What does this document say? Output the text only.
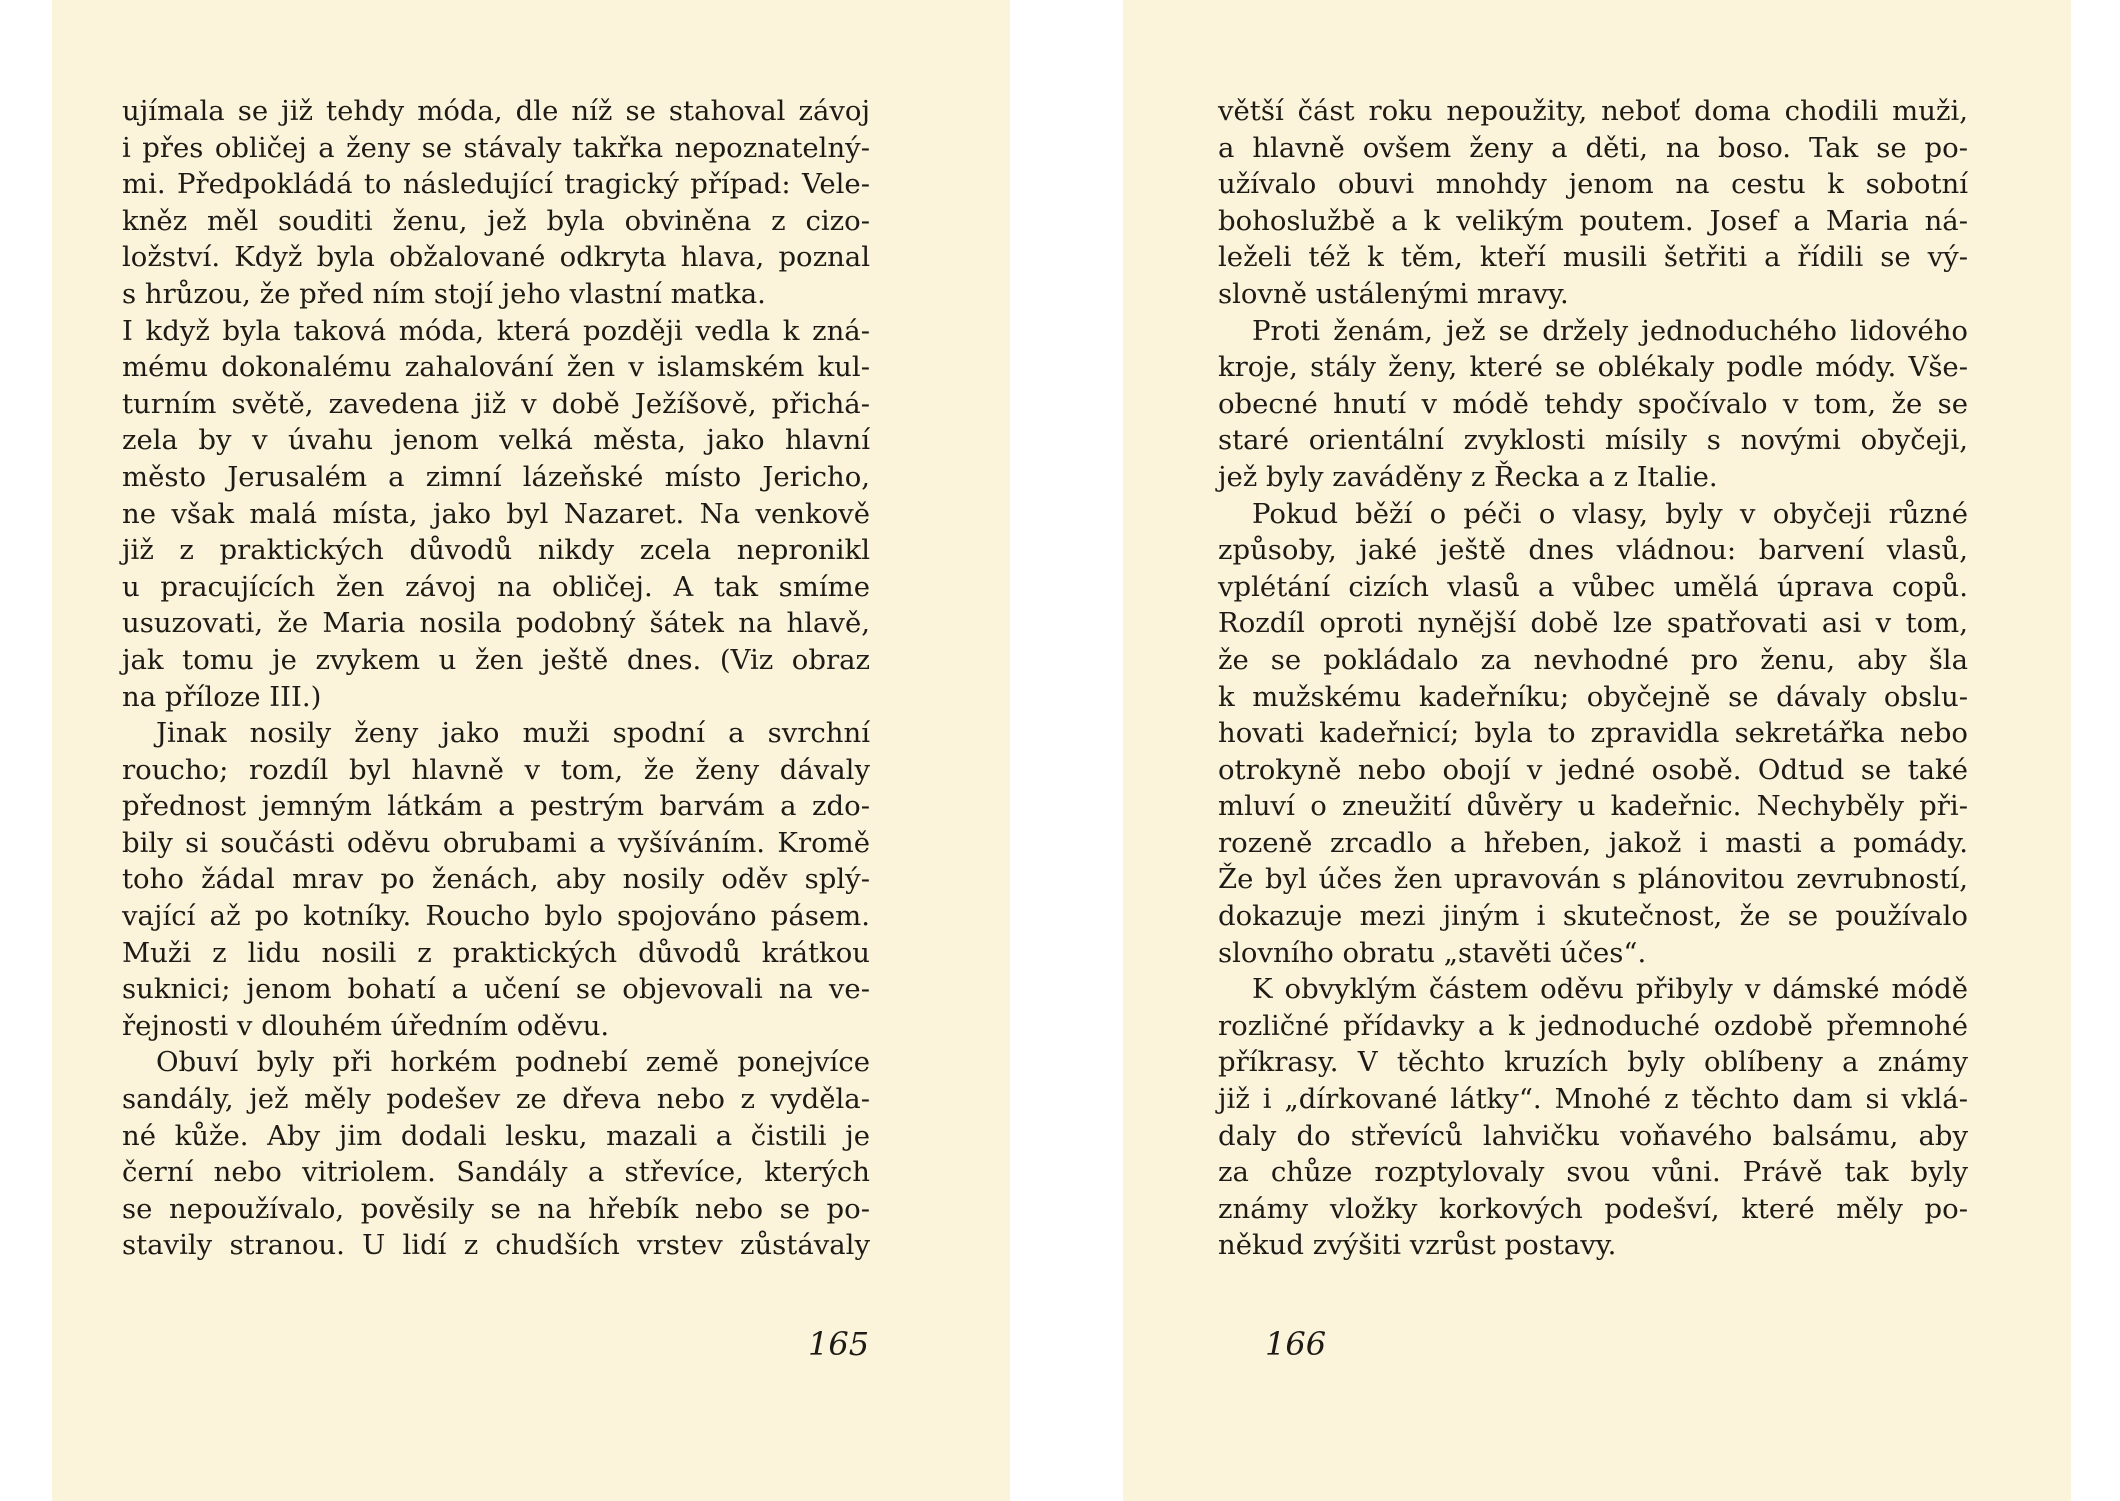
ujímala se již tehdy móda, dle níž se stahoval závoj
i přes obličej a ženy se stávaly takřka nepoznatelný-
mi. Předpokládá to následující tragický případ: Vele-
kněz měl souditi ženu, jež byla obviněna z cizo-
ložství. Když byla obžalované odkryta hlava, poznal
s hrůzou, že před ním stojí jeho vlastní matka.
I když byla taková móda, která později vedla k zná-
mému dokonalému zahalování žen v islamském kul-
turním světě, zavedena již v době Ježíšově, přichá-
zela by v úvahu jenom velká města, jako hlavní
město Jerusalém a zimní lázeňské místo Jericho,
ne však malá místa, jako byl Nazaret. Na venkově
již z praktických důvodů nikdy zcela nepronikl
u pracujících žen závoj na obličej. A tak smíme
usuzovati, že Maria nosila podobný šátek na hlavě,
jak tomu je zvykem u žen ještě dnes. (Viz obraz
na příloze III.)
Jinak nosily ženy jako muži spodní a svrchní
roucho; rozdíl byl hlavně v tom, že ženy dávaly
přednost jemným látkám a pestrým barvám a zdo-
bily si součásti oděvu obrubami a vyšíváním. Kromě
toho žádal mrav po ženách, aby nosily oděv splý-
vající až po kotníky. Roucho bylo spojováno pásem.
Muži z lidu nosili z praktických důvodů krátkou
suknici; jenom bohatí a učení se objevovali na ve-
řejnosti v dlouhém úředním oděvu.
Obuví byly při horkém podnebí země ponejvíce
sandály, jež měly podešev ze dřeva nebo z vyděla-
né kůže. Aby jim dodali lesku, mazali a čistili je
černí nebo vitriolem. Sandály a střevíce, kterých
se nepoužívalo, pověsily se na hřebík nebo se po-
stavily stranou. U lidí z chudších vrstev zůstávaly
165
větší část roku nepoužity, neboť doma chodili muži,
a hlavně ovšem ženy a děti, na boso. Tak se po-
užívalo obuvi mnohdy jenom na cestu k sobotní
bohoslužbě a k velikým poutem. Josef a Maria ná-
leželi též k těm, kteří musili šetřiti a řídili se vý-
slovně ustálenými mravy.
Proti ženám, jež se držely jednoduchého lidového
kroje, stály ženy, které se oblékaly podle módy. Vše-
obecné hnutí v módě tehdy spočívalo v tom, že se
staré orientální zvyklosti mísily s novými obyčeji,
jež byly zaváděny z Řecka a z Italie.
Pokud běží o péči o vlasy, byly v obyčeji různé
způsoby, jaké ještě dnes vládnou: barvení vlasů,
vplétání cizích vlasů a vůbec umělá úprava copů.
Rozdíl oproti nynější době lze spatřovati asi v tom,
že se pokládalo za nevhodné pro ženu, aby šla
k mužskému kadeřníku; obyčejně se dávaly obslu-
hovati kadeřnicí; byla to zpravidla sekretářka nebo
otrokyně nebo obojí v jedné osobě. Odtud se také
mluví o zneužití důvěry u kadeřnic. Nechyběly při-
rozeně zrcadlo a hřeben, jakož i masti a pomády.
Že byl účes žen upravován s plánovitou zevrubností,
dokazuje mezi jiným i skutečnost, že se používalo
slovního obratu „stavěti účes“.
K obvyklým částem oděvu přibyly v dámské módě
rozličné přídavky a k jednoduché ozdobě přemnohé
příkrasy. V těchto kruzích byly oblíbeny a známy
již i „dírkované látky“. Mnohé z těchto dam si vklá-
daly do střevíců lahvičku voňavého balsámu, aby
za chůze rozptylovaly svou vůni. Právě tak byly
známy vložky korkových podešví, které měly po-
někud zvýšiti vzrůst postavy.
166
